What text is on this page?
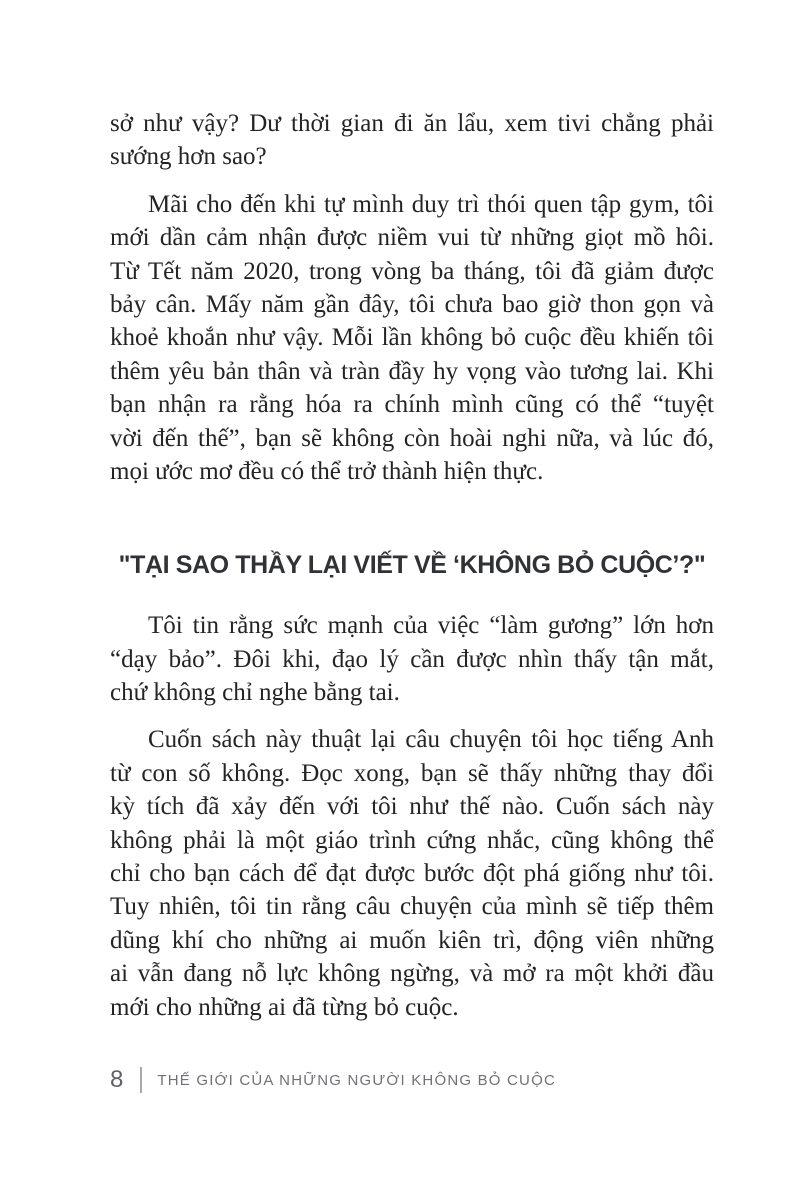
sở như vậy? Dư thời gian đi ăn lẩu, xem tivi chẳng phải
sướng hơn sao?
Mãi cho đến khi tự mình duy trì thói quen tập gym, tôi
mới dần cảm nhận được niềm vui từ những giọt mồ hôi.
Từ Tết năm 2020, trong vòng ba tháng, tôi đã giảm được
bảy cân. Mấy năm gần đây, tôi chưa bao giờ thon gọn và
khoẻ khoắn như vậy. Mỗi lần không bỏ cuộc đều khiến tôi
thêm yêu bản thân và tràn đầy hy vọng vào tương lai. Khi
bạn nhận ra rằng hóa ra chính mình cũng có thể “tuyệt
vời đến thế”, bạn sẽ không còn hoài nghi nữa, và lúc đó,
mọi ước mơ đều có thể trở thành hiện thực.
"TẠI SAO THẦY LẠI VIẾT VỀ ‘KHÔNG BỎ CUỘC’?"
Tôi tin rằng sức mạnh của việc “làm gương” lớn hơn
“dạy bảo”. Đôi khi, đạo lý cần được nhìn thấy tận mắt,
chứ không chỉ nghe bằng tai.
Cuốn sách này thuật lại câu chuyện tôi học tiếng Anh
từ con số không. Đọc xong, bạn sẽ thấy những thay đổi
kỳ tích đã xảy đến với tôi như thế nào. Cuốn sách này
không phải là một giáo trình cứng nhắc, cũng không thể
chỉ cho bạn cách để đạt được bước đột phá giống như tôi.
Tuy nhiên, tôi tin rằng câu chuyện của mình sẽ tiếp thêm
dũng khí cho những ai muốn kiên trì, động viên những
ai vẫn đang nỗ lực không ngừng, và mở ra một khởi đầu
mới cho những ai đã từng bỏ cuộc.
8 THẾ GIỚI CỦA NHỮNG NGƯỜI KHÔNG BỎ CUỘC
